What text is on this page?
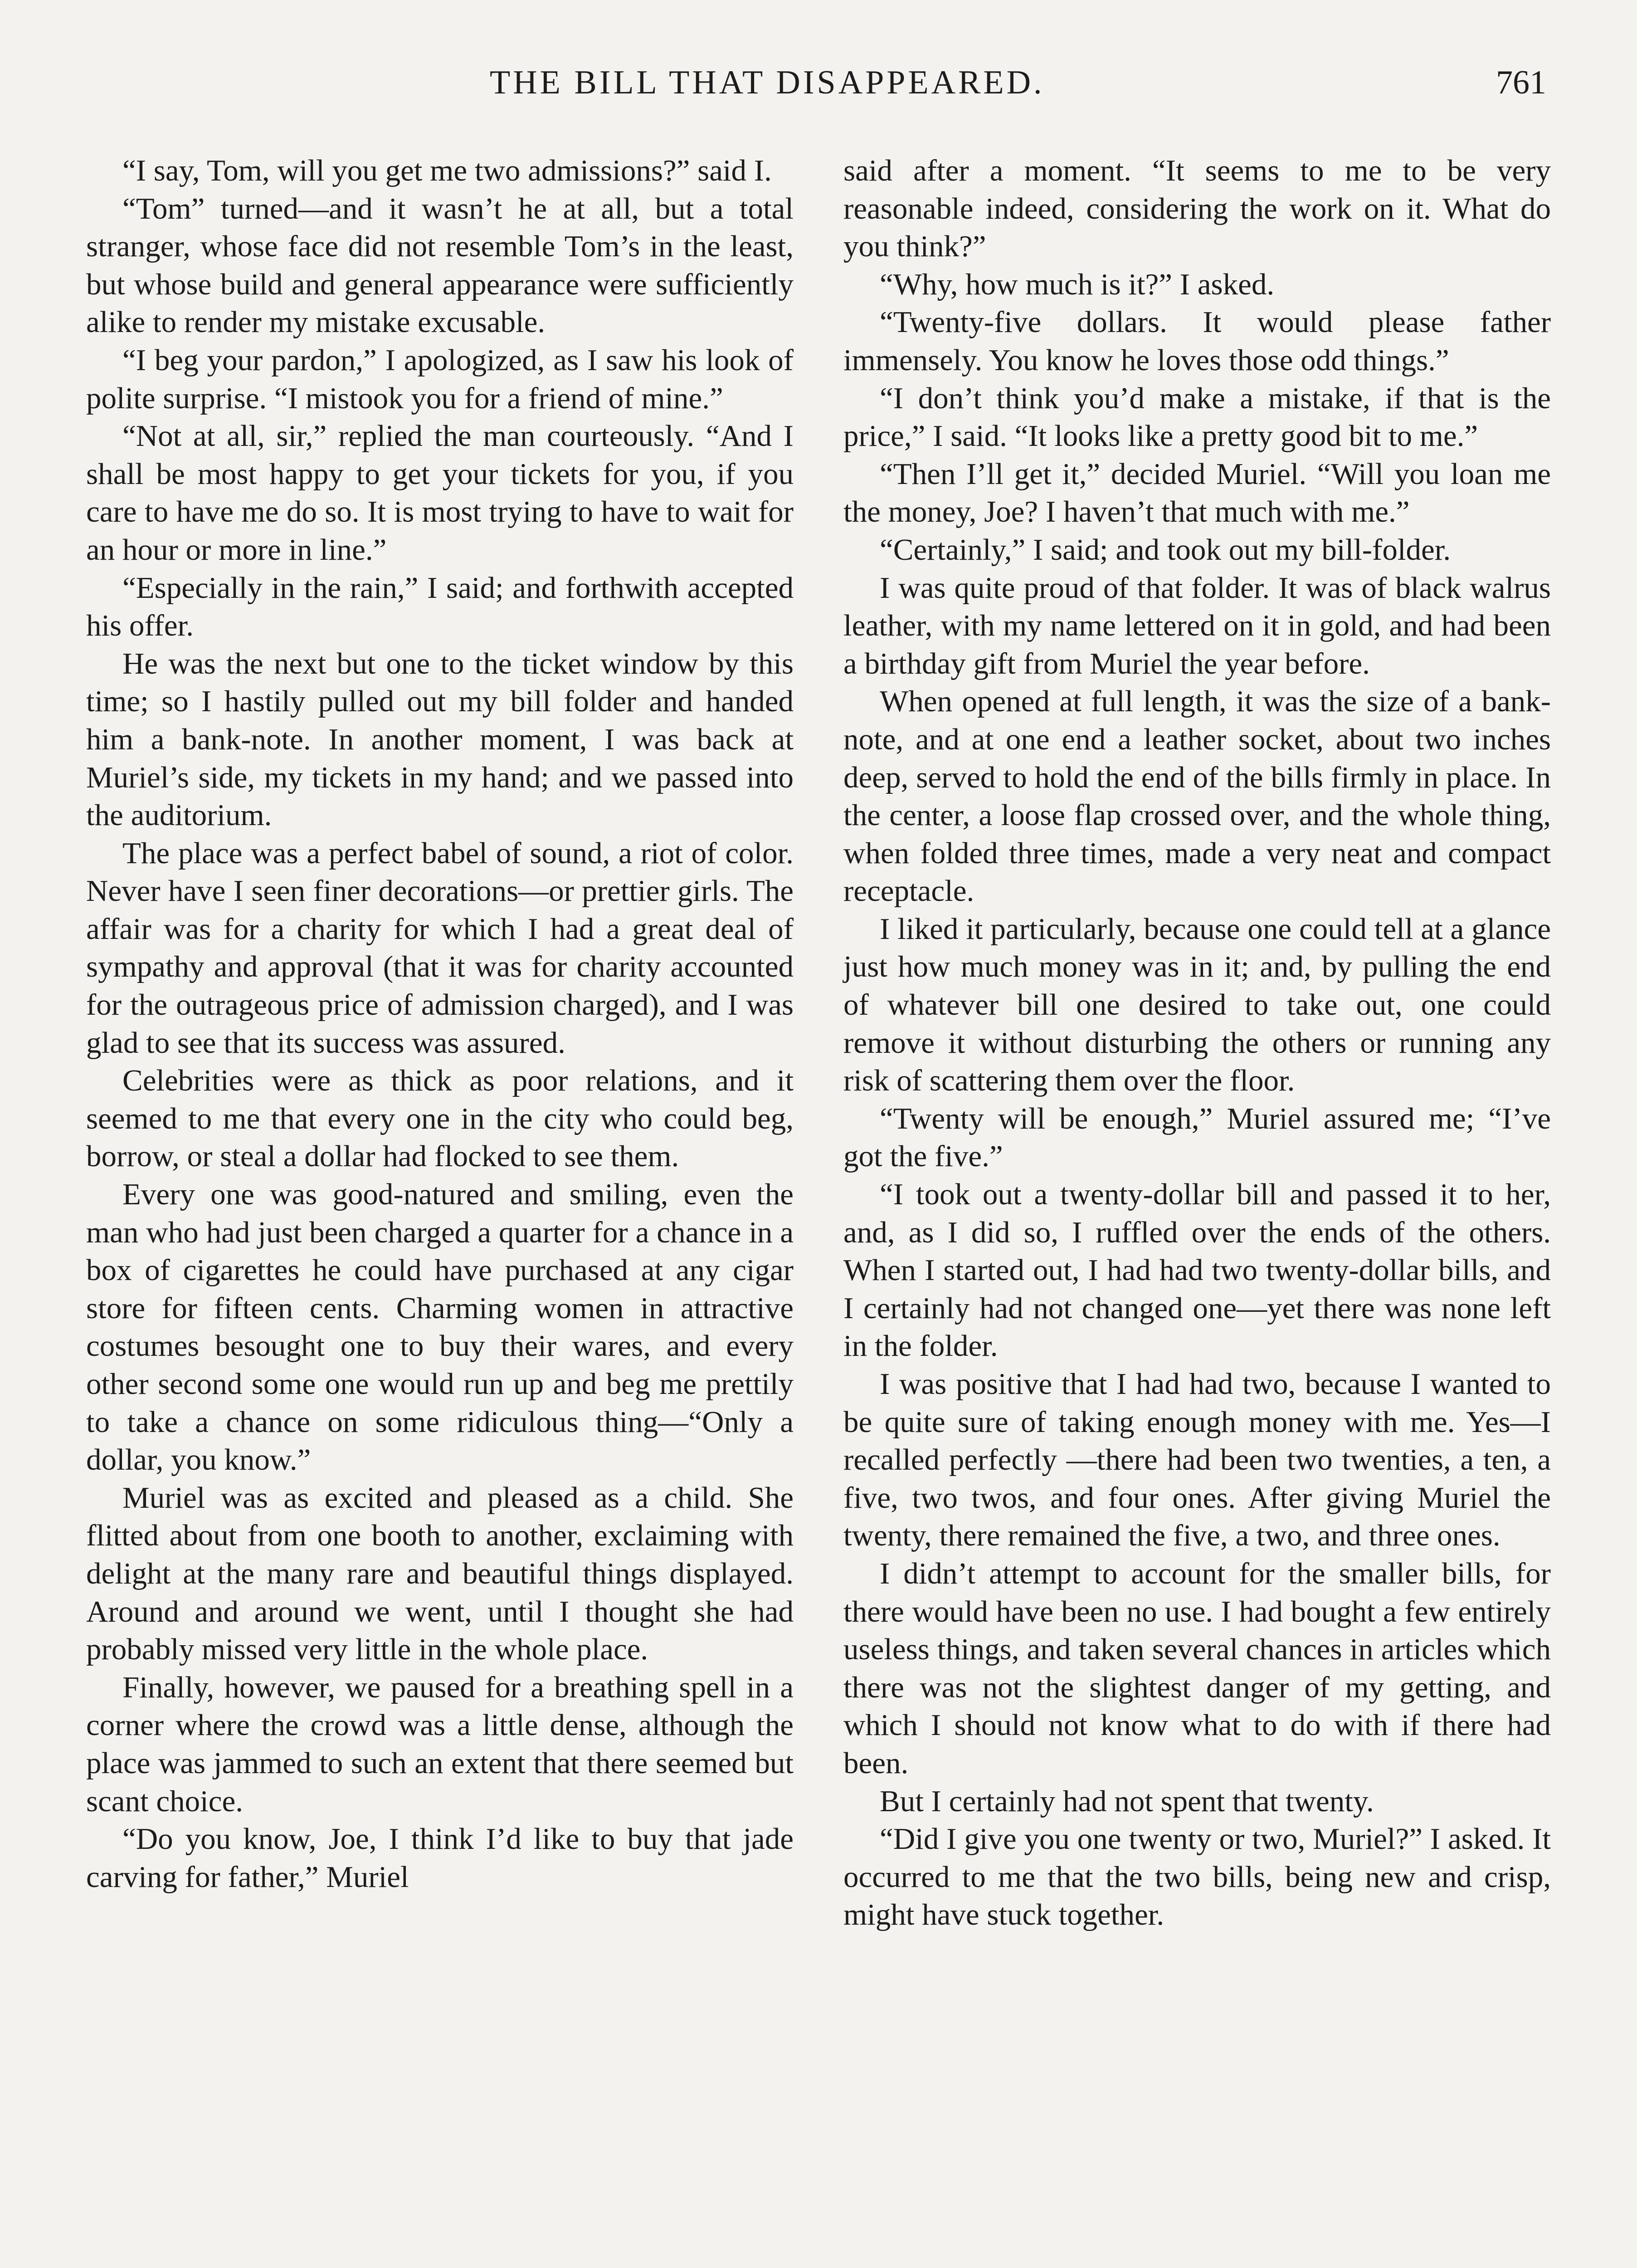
THE BILL THAT DISAPPEARED.	761

“I say, Tom, will you get me two admissions?” said I.

“Tom” turned—and it wasn’t he at all, but a total stranger, whose face did not resemble Tom’s in the least, but whose build and general appearance were sufficiently alike to render my mistake excusable.

“I beg your pardon,” I apologized, as I saw his look of polite surprise. “I mistook you for a friend of mine.”

“Not at all, sir,” replied the man courteously. “And I shall be most happy to get your tickets for you, if you care to have me do so. It is most trying to have to wait for an hour or more in line.”

“Especially in the rain,” I said; and forthwith accepted his offer.

He was the next but one to the ticket window by this time; so I hastily pulled out my bill folder and handed him a bank-note. In another moment, I was back at Muriel’s side, my tickets in my hand; and we passed into the auditorium.

The place was a perfect babel of sound, a riot of color. Never have I seen finer decorations—or prettier girls. The affair was for a charity for which I had a great deal of sympathy and approval (that it was for charity accounted for the outrageous price of admission charged), and I was glad to see that its success was assured.

Celebrities were as thick as poor relations, and it seemed to me that every one in the city who could beg, borrow, or steal a dollar had flocked to see them.

Every one was good-natured and smiling, even the man who had just been charged a quarter for a chance in a box of cigarettes he could have purchased at any cigar store for fifteen cents. Charming women in attractive costumes besought one to buy their wares, and every other second some one would run up and beg me prettily to take a chance on some ridiculous thing—“Only a dollar, you know.”

Muriel was as excited and pleased as a child. She flitted about from one booth to another, exclaiming with delight at the many rare and beautiful things displayed. Around and around we went, until I thought she had probably missed very little in the whole place.

Finally, however, we paused for a breathing spell in a corner where the crowd was a little dense, although the place was jammed to such an extent that there seemed but scant choice.

“Do you know, Joe, I think I’d like to buy that jade carving for father,” Muriel

said after a moment. “It seems to me to be very reasonable indeed, considering the work on it. What do you think?”

“Why, how much is it?” I asked.

“Twenty-five dollars. It would please father immensely. You know he loves those odd things.”

“I don’t think you’d make a mistake, if that is the price,” I said. “It looks like a pretty good bit to me.”

“Then I’ll get it,” decided Muriel. “Will you loan me the money, Joe? I haven’t that much with me.”

“Certainly,” I said; and took out my bill-folder.

I was quite proud of that folder. It was of black walrus leather, with my name lettered on it in gold, and had been a birthday gift from Muriel the year before.

When opened at full length, it was the size of a bank-note, and at one end a leather socket, about two inches deep, served to hold the end of the bills firmly in place. In the center, a loose flap crossed over, and the whole thing, when folded three times, made a very neat and compact receptacle.

I liked it particularly, because one could tell at a glance just how much money was in it; and, by pulling the end of whatever bill one desired to take out, one could remove it without disturbing the others or running any risk of scattering them over the floor.

“Twenty will be enough,” Muriel assured me; “I’ve got the five.”

“I took out a twenty-dollar bill and passed it to her, and, as I did so, I ruffled over the ends of the others. When I started out, I had had two twenty-dollar bills, and I certainly had not changed one—yet there was none left in the folder.

I was positive that I had had two, because I wanted to be quite sure of taking enough money with me. Yes—I recalled perfectly —there had been two twenties, a ten, a five, two twos, and four ones. After giving Muriel the twenty, there remained the five, a two, and three ones.

I didn’t attempt to account for the smaller bills, for there would have been no use. I had bought a few entirely useless things, and taken several chances in articles which there was not the slightest danger of my getting, and which I should not know what to do with if there had been.

But I certainly had not spent that twenty.

“Did I give you one twenty or two, Muriel?” I asked. It occurred to me that the two bills, being new and crisp, might have stuck together.
